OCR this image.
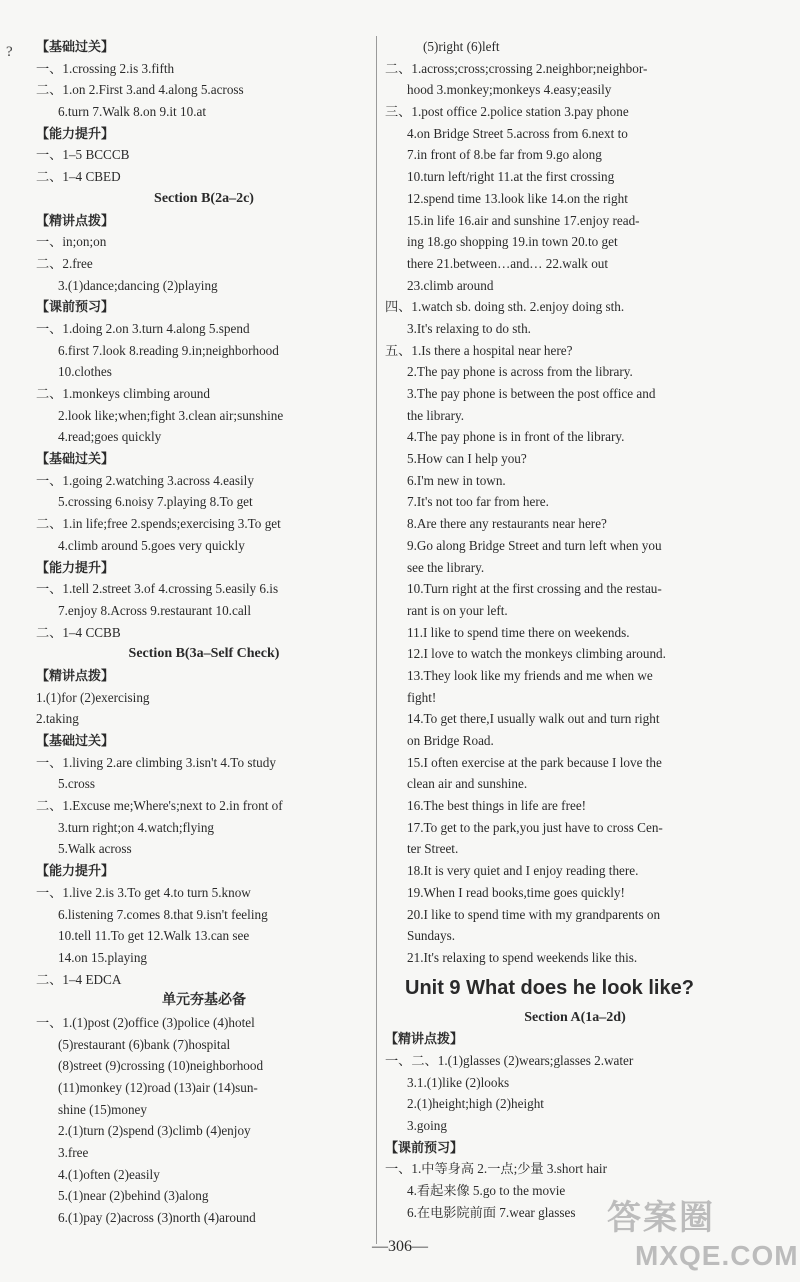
? 【基础过关】
一、1.crossing 2.is 3.fifth
二、1.on 2.First 3.and 4.along 5.across
6.turn 7.Walk 8.on 9.it 10.at
【能力提升】
一、1–5 BCCCB
二、1–4 CBED
Section B(2a–2c)
【精讲点拨】
一、in;on;on
二、2.free
3.(1)dance;dancing (2)playing
【课前预习】
一、1.doing 2.on 3.turn 4.along 5.spend
6.first 7.look 8.reading 9.in;neighborhood
10.clothes
二、1.monkeys climbing around
2.look like;when;fight 3.clean air;sunshine
4.read;goes quickly
【基础过关】
一、1.going 2.watching 3.across 4.easily
5.crossing 6.noisy 7.playing 8.To get
二、1.in life;free 2.spends;exercising 3.To get
4.climb around 5.goes very quickly
【能力提升】
一、1.tell 2.street 3.of 4.crossing 5.easily 6.is
7.enjoy 8.Across 9.restaurant 10.call
二、1–4 CCBB
Section B(3a–Self Check)
【精讲点拨】
1.(1)for (2)exercising
2.taking
【基础过关】
一、1.living 2.are climbing 3.isn't 4.To study
5.cross
二、1.Excuse me;Where's;next to 2.in front of
3.turn right;on 4.watch;flying
5.Walk across
【能力提升】
一、1.live 2.is 3.To get 4.to turn 5.know
6.listening 7.comes 8.that 9.isn't feeling
10.tell 11.To get 12.Walk 13.can see
14.on 15.playing
二、1–4 EDCA
单元夯基必备
一、1.(1)post (2)office (3)police (4)hotel
(5)restaurant (6)bank (7)hospital
(8)street (9)crossing (10)neighborhood
(11)monkey (12)road (13)air (14)sun-
shine (15)money
2.(1)turn (2)spend (3)climb (4)enjoy
3.free
4.(1)often (2)easily
5.(1)near (2)behind (3)along
6.(1)pay (2)across (3)north (4)around
(5)right (6)left
二、1.across;cross;crossing 2.neighbor;neighbor-
hood 3.monkey;monkeys 4.easy;easily
三、1.post office 2.police station 3.pay phone
4.on Bridge Street 5.across from 6.next to
7.in front of 8.be far from 9.go along
10.turn left/right 11.at the first crossing
12.spend time 13.look like 14.on the right
15.in life 16.air and sunshine 17.enjoy read-
ing 18.go shopping 19.in town 20.to get
there 21.between…and… 22.walk out
23.climb around
四、1.watch sb. doing sth. 2.enjoy doing sth.
3.It's relaxing to do sth.
五、1.Is there a hospital near here?
2.The pay phone is across from the library.
3.The pay phone is between the post office and
the library.
4.The pay phone is in front of the library.
5.How can I help you?
6.I'm new in town.
7.It's not too far from here.
8.Are there any restaurants near here?
9.Go along Bridge Street and turn left when you
see the library.
10.Turn right at the first crossing and the restau-
rant is on your left.
11.I like to spend time there on weekends.
12.I love to watch the monkeys climbing around.
13.They look like my friends and me when we
fight!
14.To get there,I usually walk out and turn right
on Bridge Road.
15.I often exercise at the park because I love the
clean air and sunshine.
16.The best things in life are free!
17.To get to the park,you just have to cross Cen-
ter Street.
18.It is very quiet and I enjoy reading there.
19.When I read books,time goes quickly!
20.I like to spend time with my grandparents on
Sundays.
21.It's relaxing to spend weekends like this.
Unit 9 What does he look like?
Section A(1a–2d)
【精讲点拨】
一、二、1.(1)glasses (2)wears;glasses 2.water
3.1.(1)like (2)looks
2.(1)height;high (2)height
3.going
【课前预习】
一、1.中等身高 2.一点;少量 3.short hair
4.看起来像 5.go to the movie
6.在电影院前面 7.wear glasses
—306—
答案圈
MXQE.COM
